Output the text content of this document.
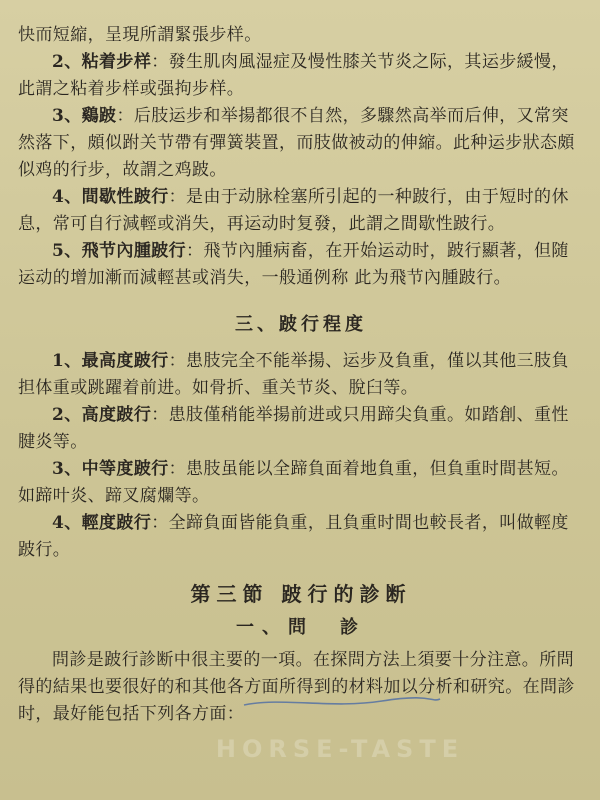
快而短縮，呈現所謂緊張步样。

2、粘着步样：發生肌肉風湿症及慢性膝关节炎之际，其运步緩慢，此謂之粘着步样或强拘步样。

3、鷄跛：后肢运步和举揚都很不自然，多驟然高举而后伸，又常突然落下，頗似跗关节帶有彈簧裝置，而肢做被动的伸縮。此种运步狀态頗似鸡的行步，故謂之鸡跛。

4、間歇性跛行：是由于动脉栓塞所引起的一种跛行，由于短时的休息，常可自行減輕或消失，再运动时复發，此謂之間歇性跛行。

5、飛节內腫跛行：飛节內腫病畜，在开始运动时，跛行顯著，但随运动的增加漸而減輕甚或消失，一般通例称 此为飛节內腫跛行。

三、跛行程度

1、最高度跛行：患肢完全不能举揚、运步及負重，僅以其他三肢負担体重或跳躍着前进。如骨折、重关节炎、脫臼等。

2、高度跛行：患肢僅稍能举揚前进或只用蹄尖負重。如踏創、重性腱炎等。

3、中等度跛行：患肢虽能以全蹄負面着地負重，但負重时間甚短。如蹄叶炎、蹄叉腐爛等。

4、輕度跛行：全蹄負面皆能負重，且負重时間也較長者，叫做輕度跛行。

第三節 跛行的診断
一、問　診

問診是跛行診断中很主要的一項。在探問方法上須要十分注意。所問得的結果也要很好的和其他各方面所得到的材料加以分析和研究。在問診时，最好能包括下列各方面：

HORSE-TASTE
